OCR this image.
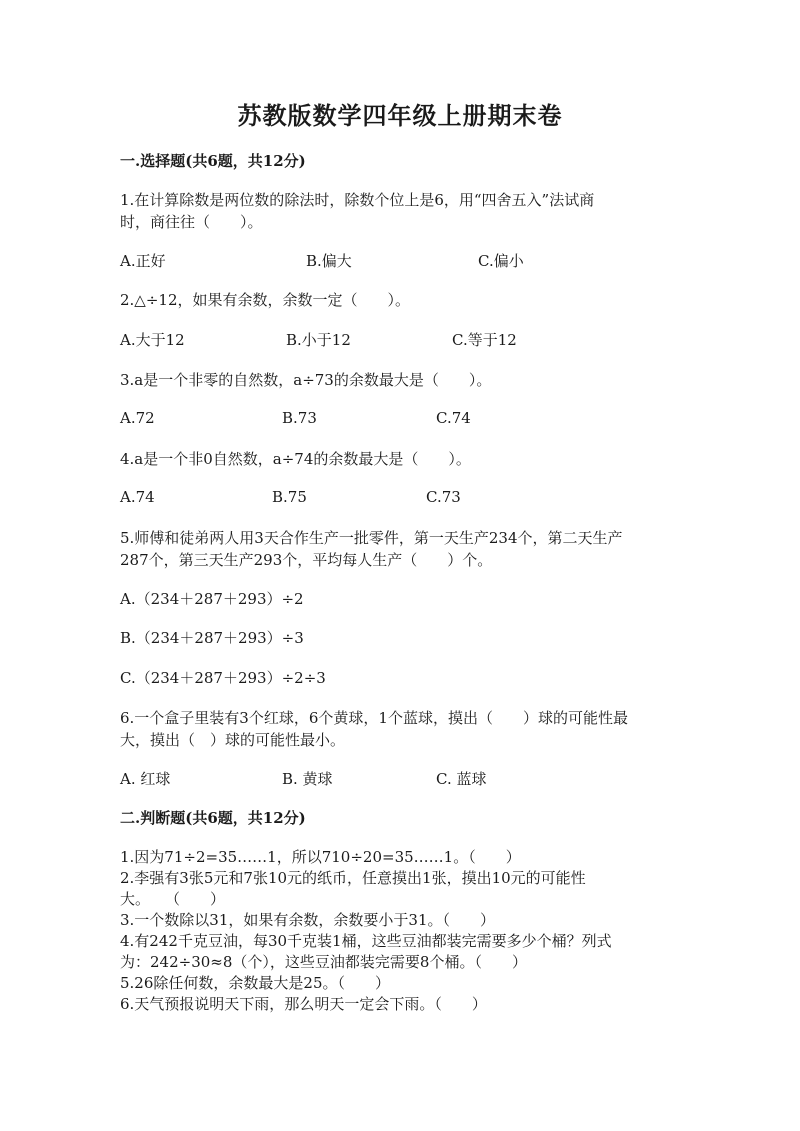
苏教版数学四年级上册期末卷
一.选择题(共6题，共12分)
1.在计算除数是两位数的除法时，除数个位上是6，用“四舍五入”法试商
时，商往往（　　）。
A.正好	B.偏大	C.偏小
2.△÷12，如果有余数，余数一定（　　）。
A.大于12	B.小于12	C.等于12
3.a是一个非零的自然数，a÷73的余数最大是（　　）。
A.72	B.73	C.74
4.a是一个非0自然数，a÷74的余数最大是（　　）。
A.74	B.75	C.73
5.师傅和徒弟两人用3天合作生产一批零件，第一天生产234个，第二天生产
287个，第三天生产293个，平均每人生产（　　）个。
A.（234＋287＋293）÷2
B.（234＋287＋293）÷3
C.（234＋287＋293）÷2÷3
6.一个盒子里装有3个红球，6个黄球，1个蓝球，摸出（　　）球的可能性最
大，摸出（　）球的可能性最小。
A. 红球	B. 黄球	C. 蓝球
二.判断题(共6题，共12分)
1.因为71÷2=35……1，所以710÷20=35……1。（　　）
2.李强有3张5元和7张10元的纸币，任意摸出1张，摸出10元的可能性
大。　　（　　）
3.一个数除以31，如果有余数，余数要小于31。（　　）
4.有242千克豆油，每30千克装1桶，这些豆油都装完需要多少个桶？列式
为：242÷30≈8（个），这些豆油都装完需要8个桶。（　　）
5.26除任何数，余数最大是25。（　　）
6.天气预报说明天下雨，那么明天一定会下雨。（　　）
